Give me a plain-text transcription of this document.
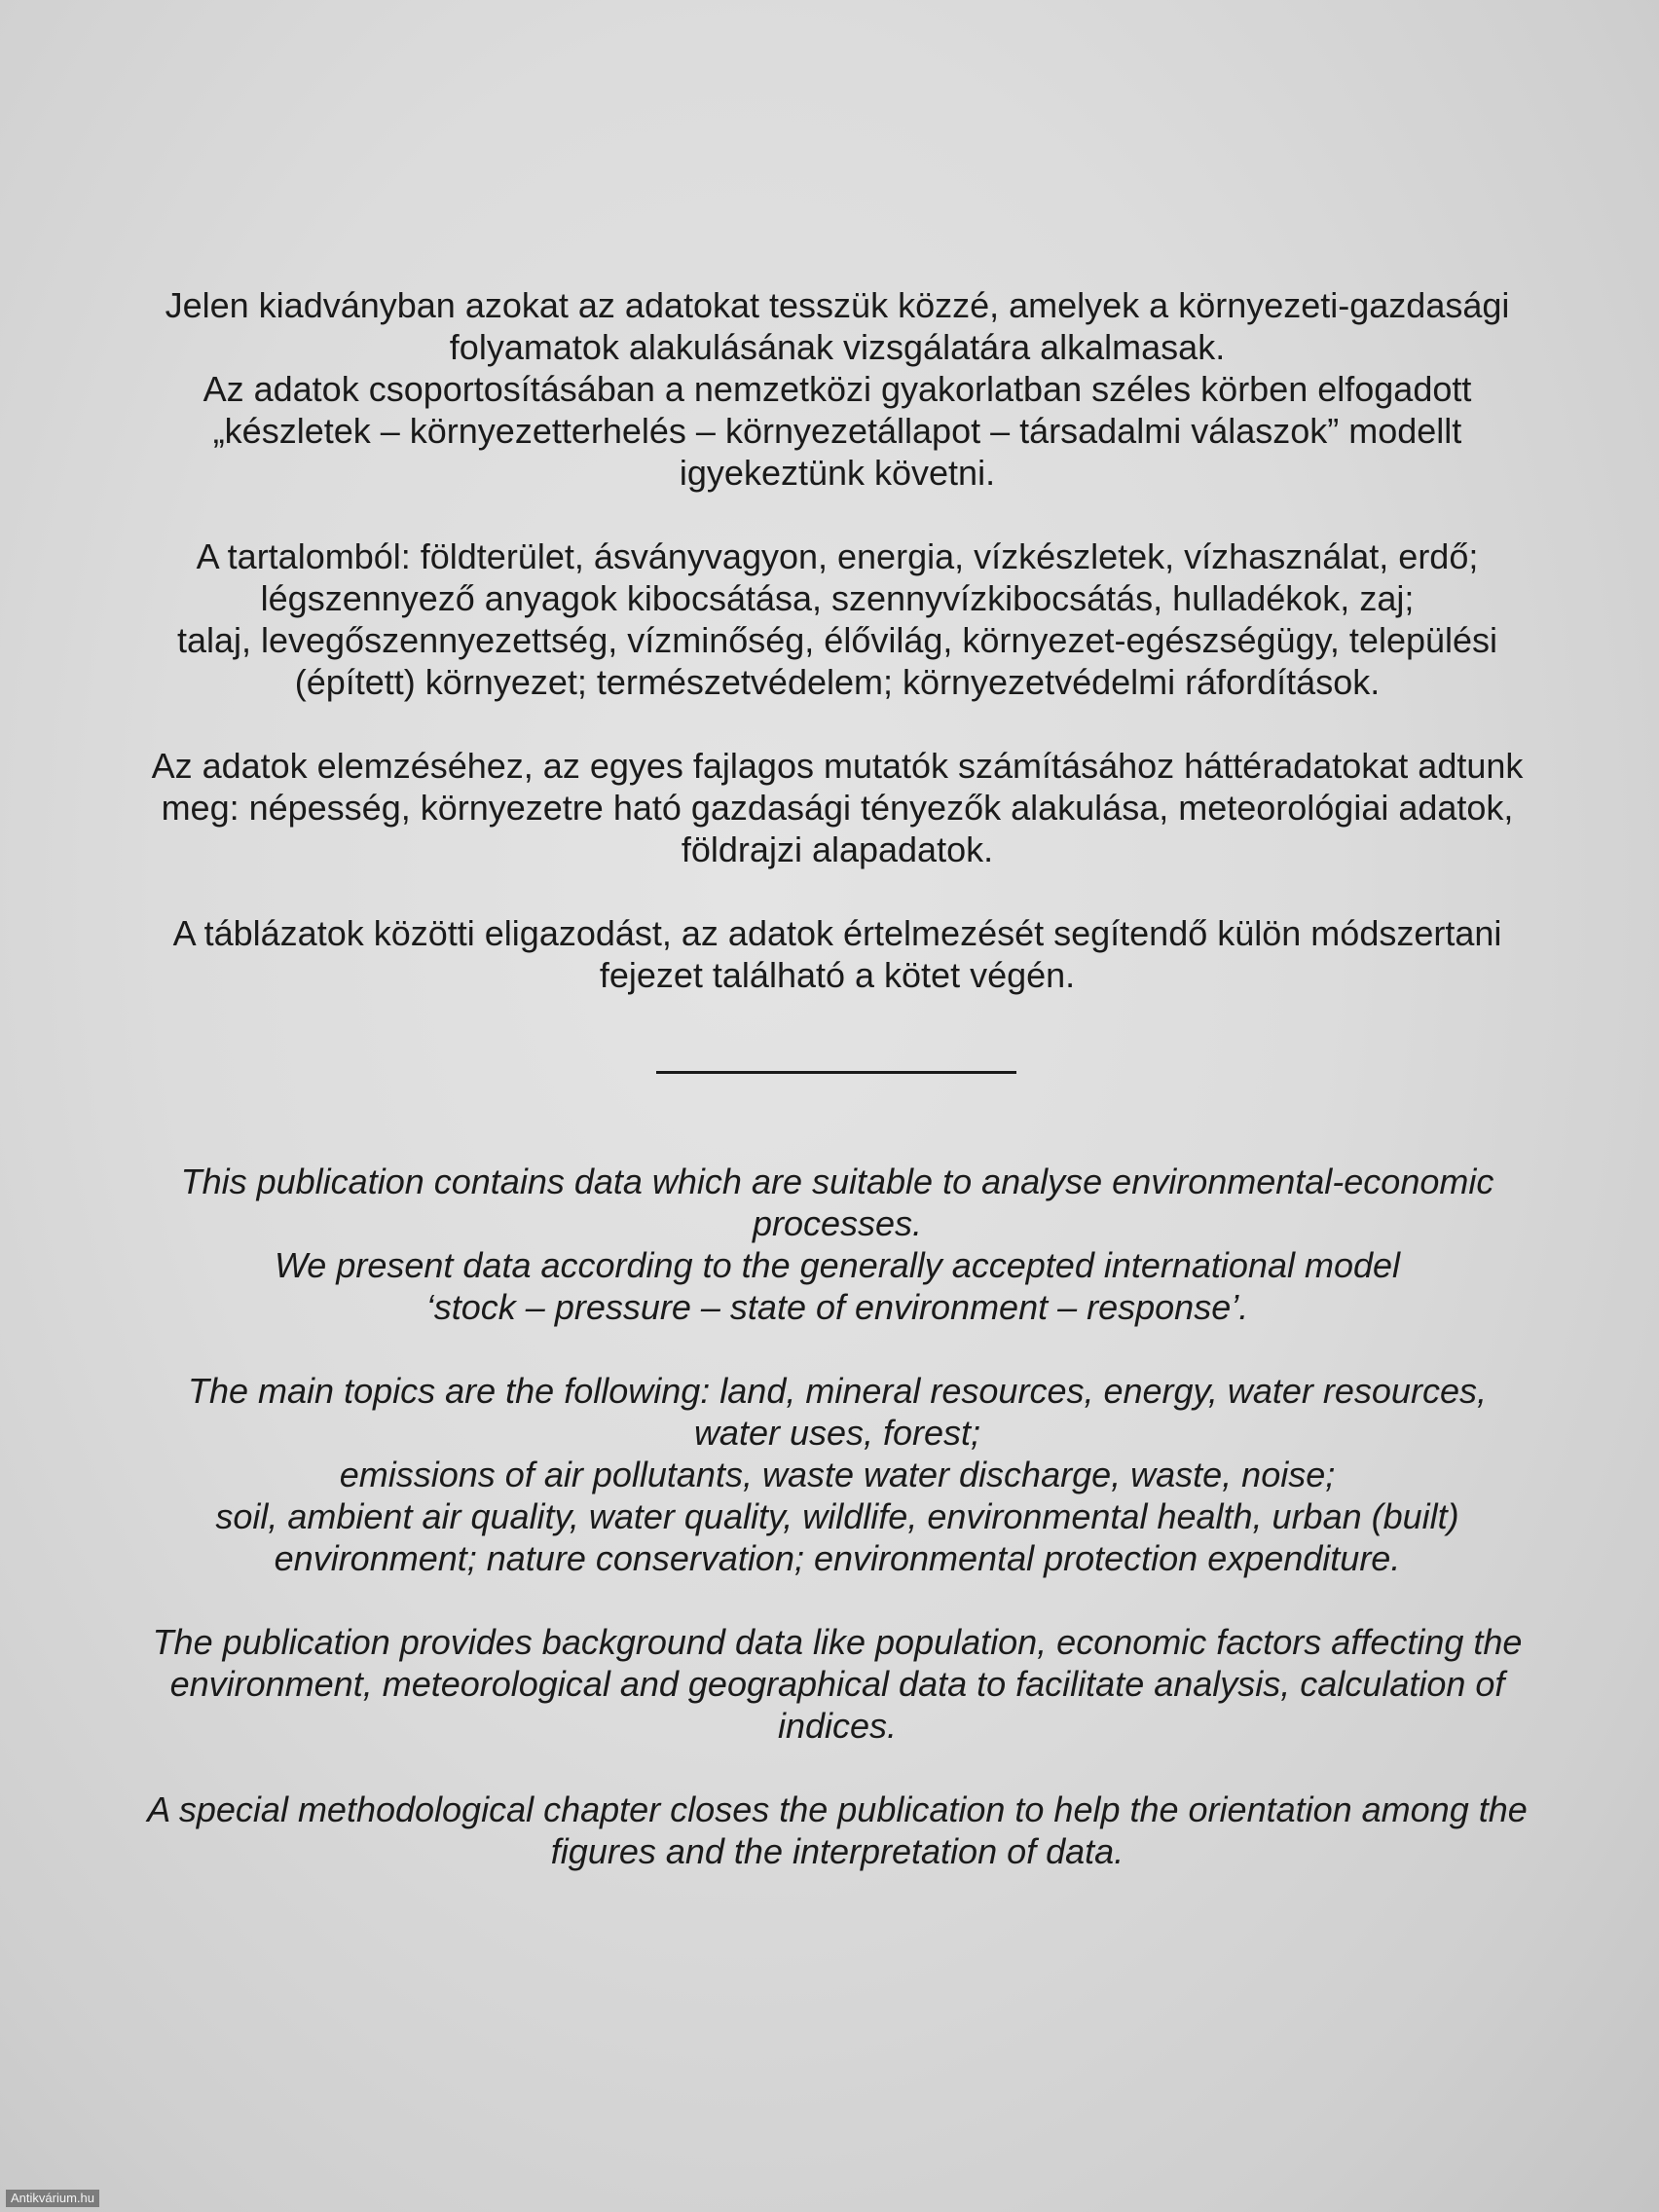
Jelen kiadványban azokat az adatokat tesszük közzé, amelyek a környezeti-gazdasági

folyamatok alakulásának vizsgálatára alkalmasak.

Az adatok csoportosításában a nemzetközi gyakorlatban széles körben elfogadott

„készletek – környezetterhelés – környezetállapot – társadalmi válaszok” modellt

igyekeztünk követni.

A tartalomból: földterület, ásványvagyon, energia, vízkészletek, vízhasználat, erdő;

légszennyező anyagok kibocsátása, szennyvízkibocsátás, hulladékok, zaj;

talaj, levegőszennyezettség, vízminőség, élővilág, környezet-egészségügy, települési

(épített) környezet; természetvédelem; környezetvédelmi ráfordítások.

Az adatok elemzéséhez, az egyes fajlagos mutatók számításához háttéradatokat adtunk

meg: népesség, környezetre ható gazdasági tényezők alakulása, meteorológiai adatok,

földrajzi alapadatok.

A táblázatok közötti eligazodást, az adatok értelmezését segítendő külön módszertani

fejezet található a kötet végén.

This publication contains data which are suitable to analyse environmental-economic

processes.

We present data according to the generally accepted international model

‘stock – pressure – state of environment – response’.

The main topics are the following: land, mineral resources, energy, water resources,

water uses, forest;

emissions of air pollutants, waste water discharge, waste, noise;

soil, ambient air quality, water quality, wildlife, environmental health, urban (built)

environment; nature conservation; environmental protection expenditure.

The publication provides background data like population, economic factors affecting the

environment, meteorological and geographical data to facilitate analysis, calculation of

indices.

A special methodological chapter closes the publication to help the orientation among the

figures and the interpretation of data.

Antikvárium.hu
